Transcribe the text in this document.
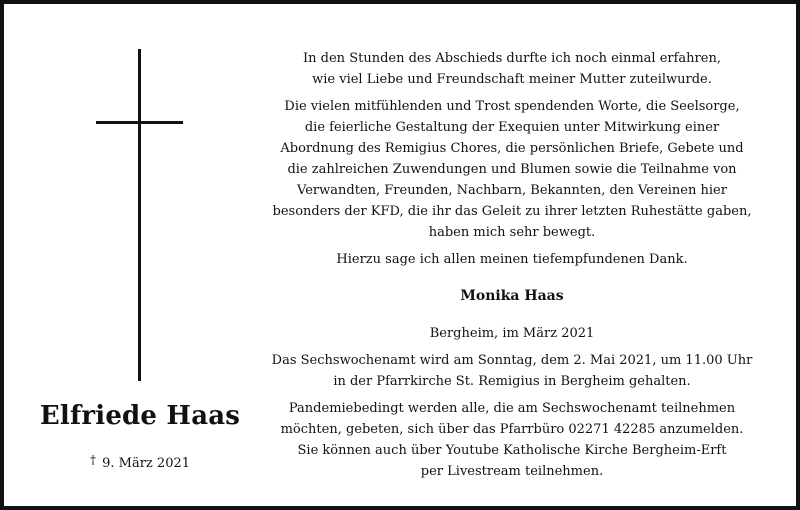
Elfriede Haas
† 9. März 2021

In den Stunden des Abschieds durfte ich noch einmal erfahren,

wie viel Liebe und Freundschaft meiner Mutter zuteilwurde.

Die vielen mitfühlenden und Trost spendenden Worte, die Seelsorge,

die feierliche Gestaltung der Exequien unter Mitwirkung einer

Abordnung des Remigius Chores, die persönlichen Briefe, Gebete und

die zahlreichen Zuwendungen und Blumen sowie die Teilnahme von

Verwandten, Freunden, Nachbarn, Bekannten, den Vereinen hier

besonders der KFD, die ihr das Geleit zu ihrer letzten Ruhestätte gaben,

haben mich sehr bewegt.

Hierzu sage ich allen meinen tiefempfundenen Dank.

Monika Haas

Bergheim, im März 2021

Das Sechswochenamt wird am Sonntag, dem 2. Mai 2021, um 11.00 Uhr

in der Pfarrkirche St. Remigius in Bergheim gehalten.

Pandemiebedingt werden alle, die am Sechswochenamt teilnehmen

möchten, gebeten, sich über das Pfarrbüro 02271 42285 anzumelden.

Sie können auch über Youtube Katholische Kirche Bergheim-Erft

per Livestream teilnehmen.
